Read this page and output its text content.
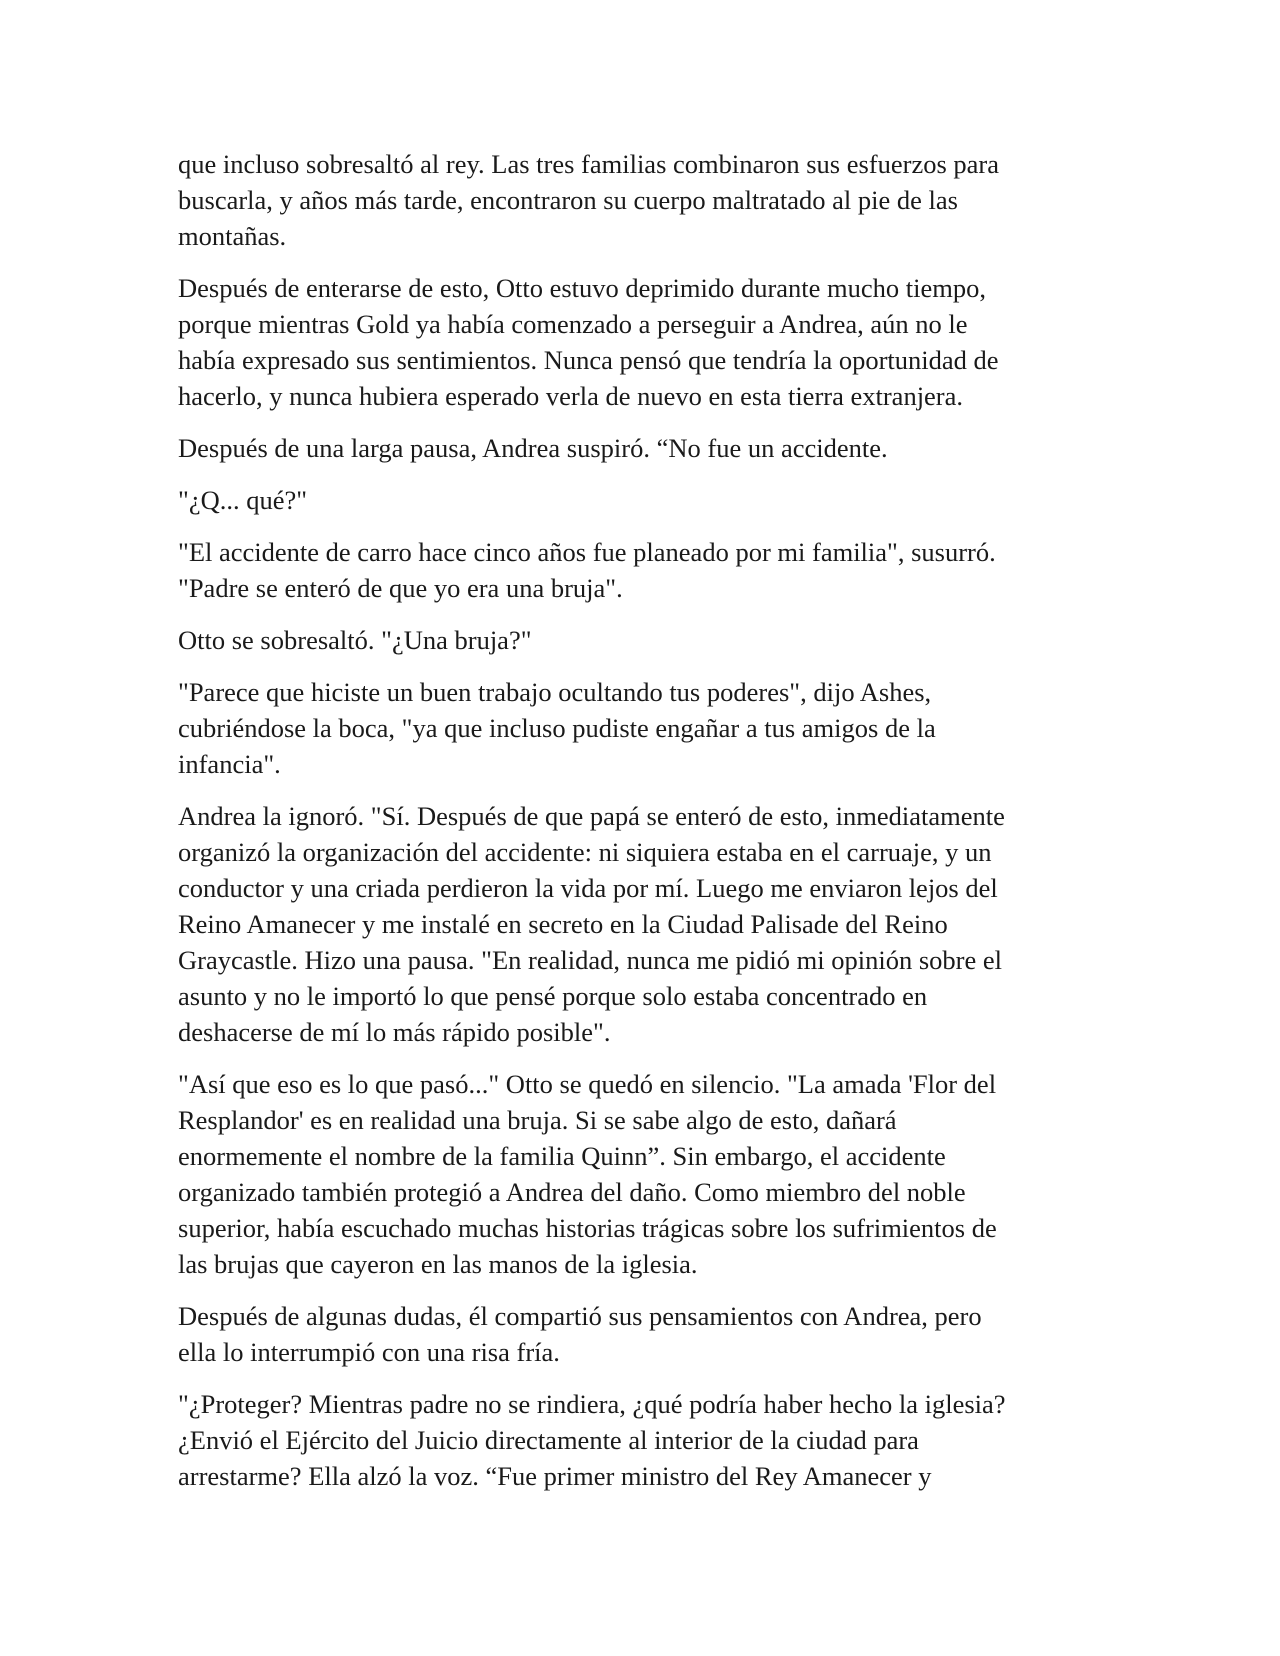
que incluso sobresaltó al rey. Las tres familias combinaron sus esfuerzos para
buscarla, y años más tarde, encontraron su cuerpo maltratado al pie de las
montañas.

Después de enterarse de esto, Otto estuvo deprimido durante mucho tiempo,
porque mientras Gold ya había comenzado a perseguir a Andrea, aún no le
había expresado sus sentimientos. Nunca pensó que tendría la oportunidad de
hacerlo, y nunca hubiera esperado verla de nuevo en esta tierra extranjera.

Después de una larga pausa, Andrea suspiró. “No fue un accidente.

"¿Q... qué?"

"El accidente de carro hace cinco años fue planeado por mi familia", susurró.
"Padre se enteró de que yo era una bruja".

Otto se sobresaltó. "¿Una bruja?"

"Parece que hiciste un buen trabajo ocultando tus poderes", dijo Ashes,
cubriéndose la boca, "ya que incluso pudiste engañar a tus amigos de la
infancia".

Andrea la ignoró. "Sí. Después de que papá se enteró de esto, inmediatamente
organizó la organización del accidente: ni siquiera estaba en el carruaje, y un
conductor y una criada perdieron la vida por mí. Luego me enviaron lejos del
Reino Amanecer y me instalé en secreto en la Ciudad Palisade del Reino
Graycastle. Hizo una pausa. "En realidad, nunca me pidió mi opinión sobre el
asunto y no le importó lo que pensé porque solo estaba concentrado en
deshacerse de mí lo más rápido posible".

"Así que eso es lo que pasó..." Otto se quedó en silencio. "La amada 'Flor del
Resplandor' es en realidad una bruja. Si se sabe algo de esto, dañará
enormemente el nombre de la familia Quinn”. Sin embargo, el accidente
organizado también protegió a Andrea del daño. Como miembro del noble
superior, había escuchado muchas historias trágicas sobre los sufrimientos de
las brujas que cayeron en las manos de la iglesia.

Después de algunas dudas, él compartió sus pensamientos con Andrea, pero
ella lo interrumpió con una risa fría.

"¿Proteger? Mientras padre no se rindiera, ¿qué podría haber hecho la iglesia?
¿Envió el Ejército del Juicio directamente al interior de la ciudad para
arrestarme? Ella alzó la voz. “Fue primer ministro del Rey Amanecer y
